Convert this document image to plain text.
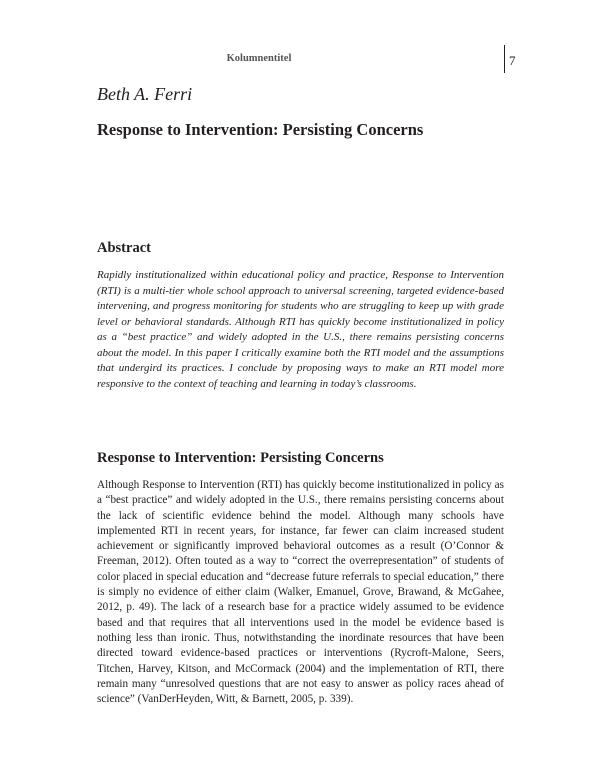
Kolumnentitel	7
Beth A. Ferri
Response to Intervention: Persisting Concerns
Abstract

Rapidly institutionalized within educational policy and practice, Response to Intervention (RTI) is a multi-tier whole school approach to universal screening, targeted evidence-based intervening, and progress monitoring for students who are struggling to keep up with grade level or behavioral standards. Although RTI has quickly become institutionalized in policy as a “best practice” and widely adopted in the U.S., there remains persisting concerns about the model. In this paper I critically examine both the RTI model and the assumptions that undergird its practices. I conclude by proposing ways to make an RTI model more responsive to the context of teaching and learning in today’s classrooms.

Response to Intervention: Persisting Concerns

Although Response to Intervention (RTI) has quickly become institutionalized in policy as a “best practice” and widely adopted in the U.S., there remains persisting concerns about the lack of scientific evidence behind the model. Although many schools have implemented RTI in recent years, for instance, far fewer can claim increased student achievement or significantly improved behavioral outcomes as a result (O’Connor & Freeman, 2012). Often touted as a way to “correct the overrepresentation” of students of color placed in special education and “decrease future referrals to special education,” there is simply no evidence of either claim (Walker, Emanuel, Grove, Brawand, & McGahee, 2012, p. 49). The lack of a research base for a practice widely assumed to be evidence based and that requires that all interventions used in the model be evidence based is nothing less than ironic. Thus, notwithstanding the inordinate resources that have been directed toward evidence-based practices or interventions (Rycroft-Malone, Seers, Titchen, Harvey, Kitson, and McCormack (2004) and the implementation of RTI, there remain many “unresolved questions that are not easy to answer as policy races ahead of science” (VanDerHeyden, Witt, & Barnett, 2005, p. 339).
